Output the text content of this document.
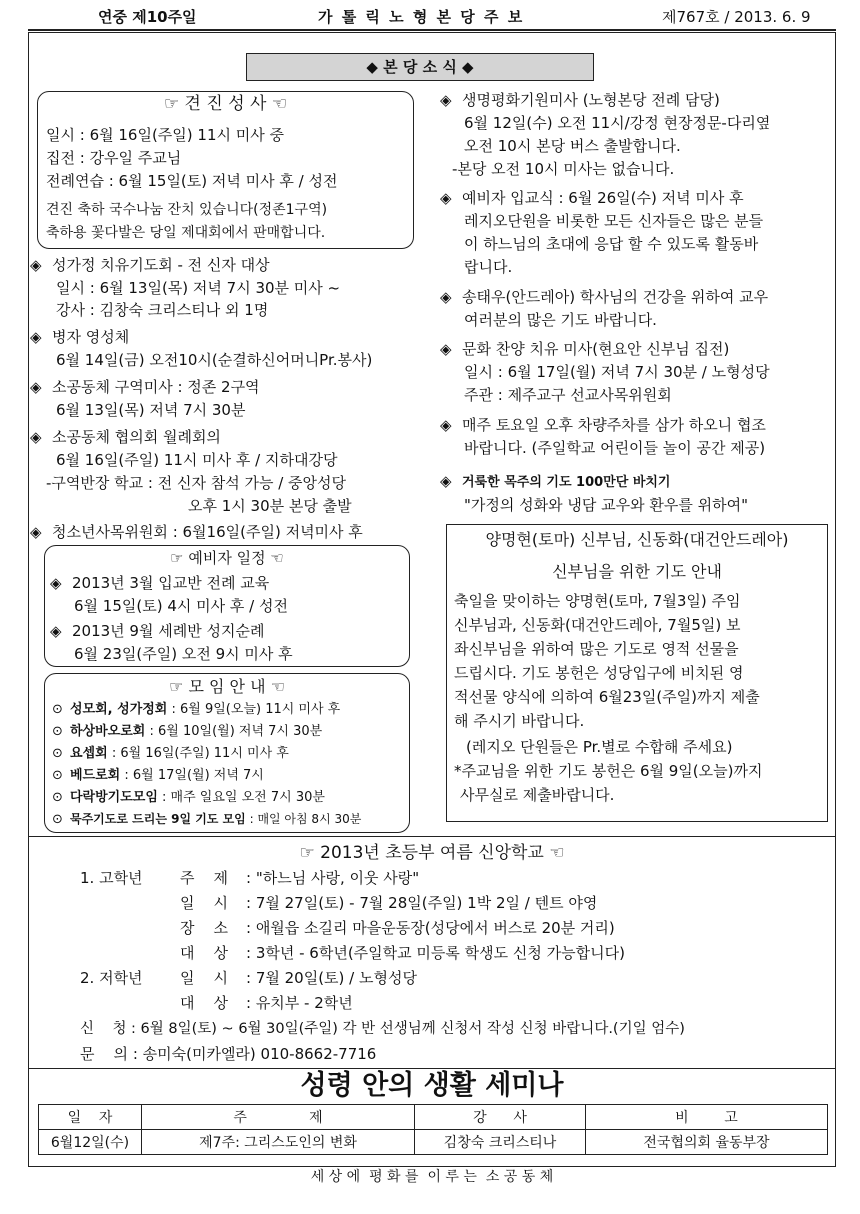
연중 제10주일	가 톨 릭 노 형 본 당 주 보	제767호 / 2013. 6. 9
◆ 본 당 소 식 ◆
☞ 견 진 성 사 ☜
일시 : 6월 16일(주일) 11시 미사 중
집전 : 강우일 주교님
전례연습 : 6월 15일(토) 저녁 미사 후 / 성전
견진 축하 국수나눔 잔치 있습니다(정존1구역)
축하용 꽃다발은 당일 제대회에서 판매합니다.
◈ 성가정 치유기도회 - 전 신자 대상
일시 : 6월 13일(목) 저녁 7시 30분 미사 ~
강사 : 김창숙 크리스티나 외 1명
◈ 병자 영성체
6월 14일(금) 오전10시(순결하신어머니Pr.봉사)
◈ 소공동체 구역미사 : 정존 2구역
6월 13일(목) 저녁 7시 30분
◈ 소공동체 협의회 월례회의
6월 16일(주일) 11시 미사 후 / 지하대강당
-구역반장 학교 : 전 신자 참석 가능 / 중앙성당
오후 1시 30분 본당 출발
◈ 청소년사목위원회 : 6월16일(주일) 저녁미사 후
☞ 예비자 일정 ☜
◈ 2013년 3월 입교반 전례 교육
6월 15일(토) 4시 미사 후 / 성전
◈ 2013년 9월 세례반 성지순례
6월 23일(주일) 오전 9시 미사 후
☞ 모 임 안 내 ☜
⊙ 성모회, 성가정회 : 6월 9일(오늘) 11시 미사 후
⊙ 하상바오로회 : 6월 10일(월) 저녁 7시 30분
⊙ 요셉회 : 6월 16일(주일) 11시 미사 후
⊙ 베드로회 : 6월 17일(월) 저녁 7시
⊙ 다락방기도모임 : 매주 일요일 오전 7시 30분
⊙ 묵주기도로 드리는 9일 기도 모임 : 매일 아침 8시 30분
◈ 생명평화기원미사 (노형본당 전례 담당)
6월 12일(수) 오전 11시/강정 현장정문-다리옆
오전 10시 본당 버스 출발합니다.
-본당 오전 10시 미사는 없습니다.
◈ 예비자 입교식 : 6월 26일(수) 저녁 미사 후
레지오단원을 비롯한 모든 신자들은 많은 분들
이 하느님의 초대에 응답 할 수 있도록 활동바
랍니다.
◈ 송태우(안드레아) 학사님의 건강을 위하여 교우
여러분의 많은 기도 바랍니다.
◈ 문화 찬양 치유 미사(현요안 신부님 집전)
일시 : 6월 17일(월) 저녁 7시 30분 / 노형성당
주관 : 제주교구 선교사목위원회
◈ 매주 토요일 오후 차량주차를 삼가 하오니 협조
바랍니다. (주일학교 어린이들 놀이 공간 제공)
◈ 거룩한 목주의 기도 100만단 바치기
"가정의 성화와 냉담 교우와 환우를 위하여"
양명현(토마) 신부님, 신동화(대건안드레아)
신부님을 위한 기도 안내
축일을 맞이하는 양명현(토마, 7월3일) 주임
신부님과, 신동화(대건안드레아, 7월5일) 보
좌신부님을 위하여 많은 기도로 영적 선물을
드립시다. 기도 봉헌은 성당입구에 비치된 영
적선물 양식에 의하여 6월23일(주일)까지 제출
해 주시기 바랍니다.
(레지오 단원들은 Pr.별로 수합해 주세요)
*주교님을 위한 기도 봉헌은 6월 9일(오늘)까지
사무실로 제출바랍니다.
☞ 2013년 초등부 여름 신앙학교 ☜
1. 고학년 주    제 : "하느님 사랑, 이웃 사랑"
일    시 : 7월 27일(토) - 7월 28일(주일) 1박 2일 / 텐트 야영
장    소 : 애월읍 소길리 마을운동장(성당에서 버스로 20분 거리)
대    상 : 3학년 - 6학년(주일학교 미등록 학생도 신청 가능합니다)
2. 저학년 일    시 : 7월 20일(토) / 노형성당
대    상 : 유치부 - 2학년
신    청 : 6월 8일(토) ~ 6월 30일(주일) 각 반 선생님께 신청서 작성 신청 바랍니다.(기일 엄수)
문    의 : 송미숙(미카엘라) 010-8662-7716
성령 안의 생활 세미나
일    자	주              제	강      사	비        고
6월12일(수)	제7주: 그리스도인의 변화	김창숙 크리스티나	전국협의회 율동부장
세 상 에  평 화 를  이 루 는  소 공 동 체
